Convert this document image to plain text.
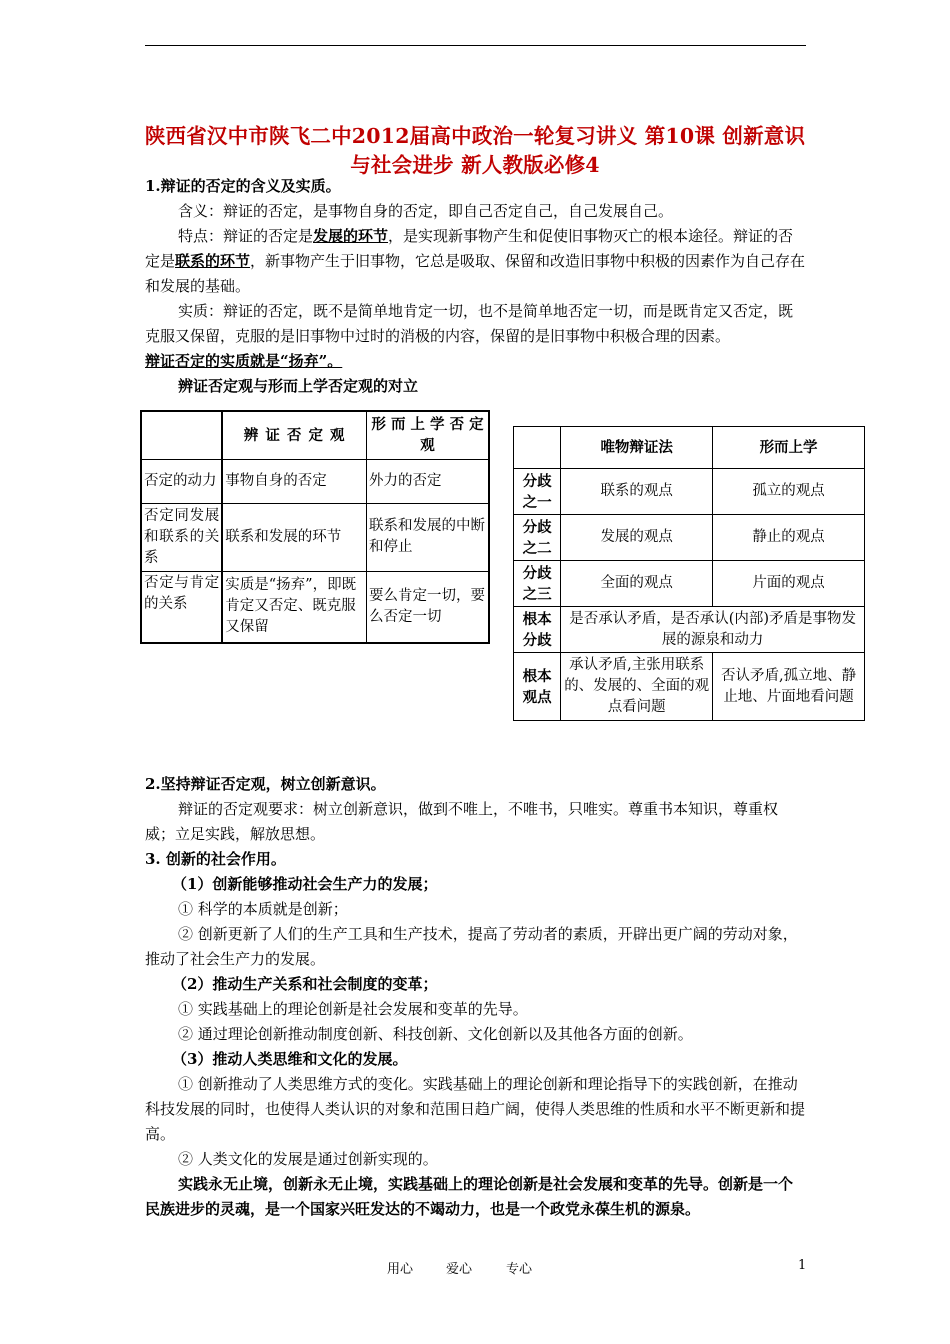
陕西省汉中市陕飞二中2012届高中政治一轮复习讲义 第10课 创新意识与社会进步 新人教版必修4

1.辩证的否定的含义及实质。

含义：辩证的否定，是事物自身的否定，即自己否定自己，自己发展自己。

特点：辩证的否定是发展的环节，是实现新事物产生和促使旧事物灭亡的根本途径。辩证的否定是联系的环节，新事物产生于旧事物，它总是吸取、保留和改造旧事物中积极的因素作为自己存在和发展的基础。

实质：辩证的否定，既不是简单地肯定一切，也不是简单地否定一切，而是既肯定又否定，既克服又保留，克服的是旧事物中过时的消极的内容，保留的是旧事物中积极合理的因素。

辩证否定的实质就是“扬弃”。

辨证否定观与形而上学否定观的对立

	辨 证 否 定 观	形 而 上 学 否 定 观
否定的动力	事物自身的否定	外力的否定
否定同发展和联系的关系	联系和发展的环节	联系和发展的中断和停止
否定与肯定的关系	实质是“扬弃”，即既肯定又否定、既克服又保留	要么肯定一切，要么否定一切
	唯物辩证法	形而上学
分歧之一	联系的观点	孤立的观点
分歧之二	发展的观点	静止的观点
分歧之三	全面的观点	片面的观点
根本分歧	是否承认矛盾，是否承认(内部)矛盾是事物发展的源泉和动力	
根本观点	承认矛盾,主张用联系的、发展的、全面的观点看问题	否认矛盾,孤立地、静止地、片面地看问题

2.坚持辩证否定观，树立创新意识。

辩证的否定观要求：树立创新意识，做到不唯上，不唯书，只唯实。尊重书本知识，尊重权威；立足实践，解放思想。

3. 创新的社会作用。

（1）创新能够推动社会生产力的发展；

① 科学的本质就是创新；

② 创新更新了人们的生产工具和生产技术，提高了劳动者的素质，开辟出更广阔的劳动对象，推动了社会生产力的发展。

（2）推动生产关系和社会制度的变革；

① 实践基础上的理论创新是社会发展和变革的先导。

② 通过理论创新推动制度创新、科技创新、文化创新以及其他各方面的创新。

（3）推动人类思维和文化的发展。

① 创新推动了人类思维方式的变化。实践基础上的理论创新和理论指导下的实践创新，在推动科技发展的同时，也使得人类认识的对象和范围日趋广阔，使得人类思维的性质和水平不断更新和提高。

② 人类文化的发展是通过创新实现的。

实践永无止境，创新永无止境，实践基础上的理论创新是社会发展和变革的先导。创新是一个民族进步的灵魂，是一个国家兴旺发达的不竭动力，也是一个政党永葆生机的源泉。

用心	爱心	专心	1
